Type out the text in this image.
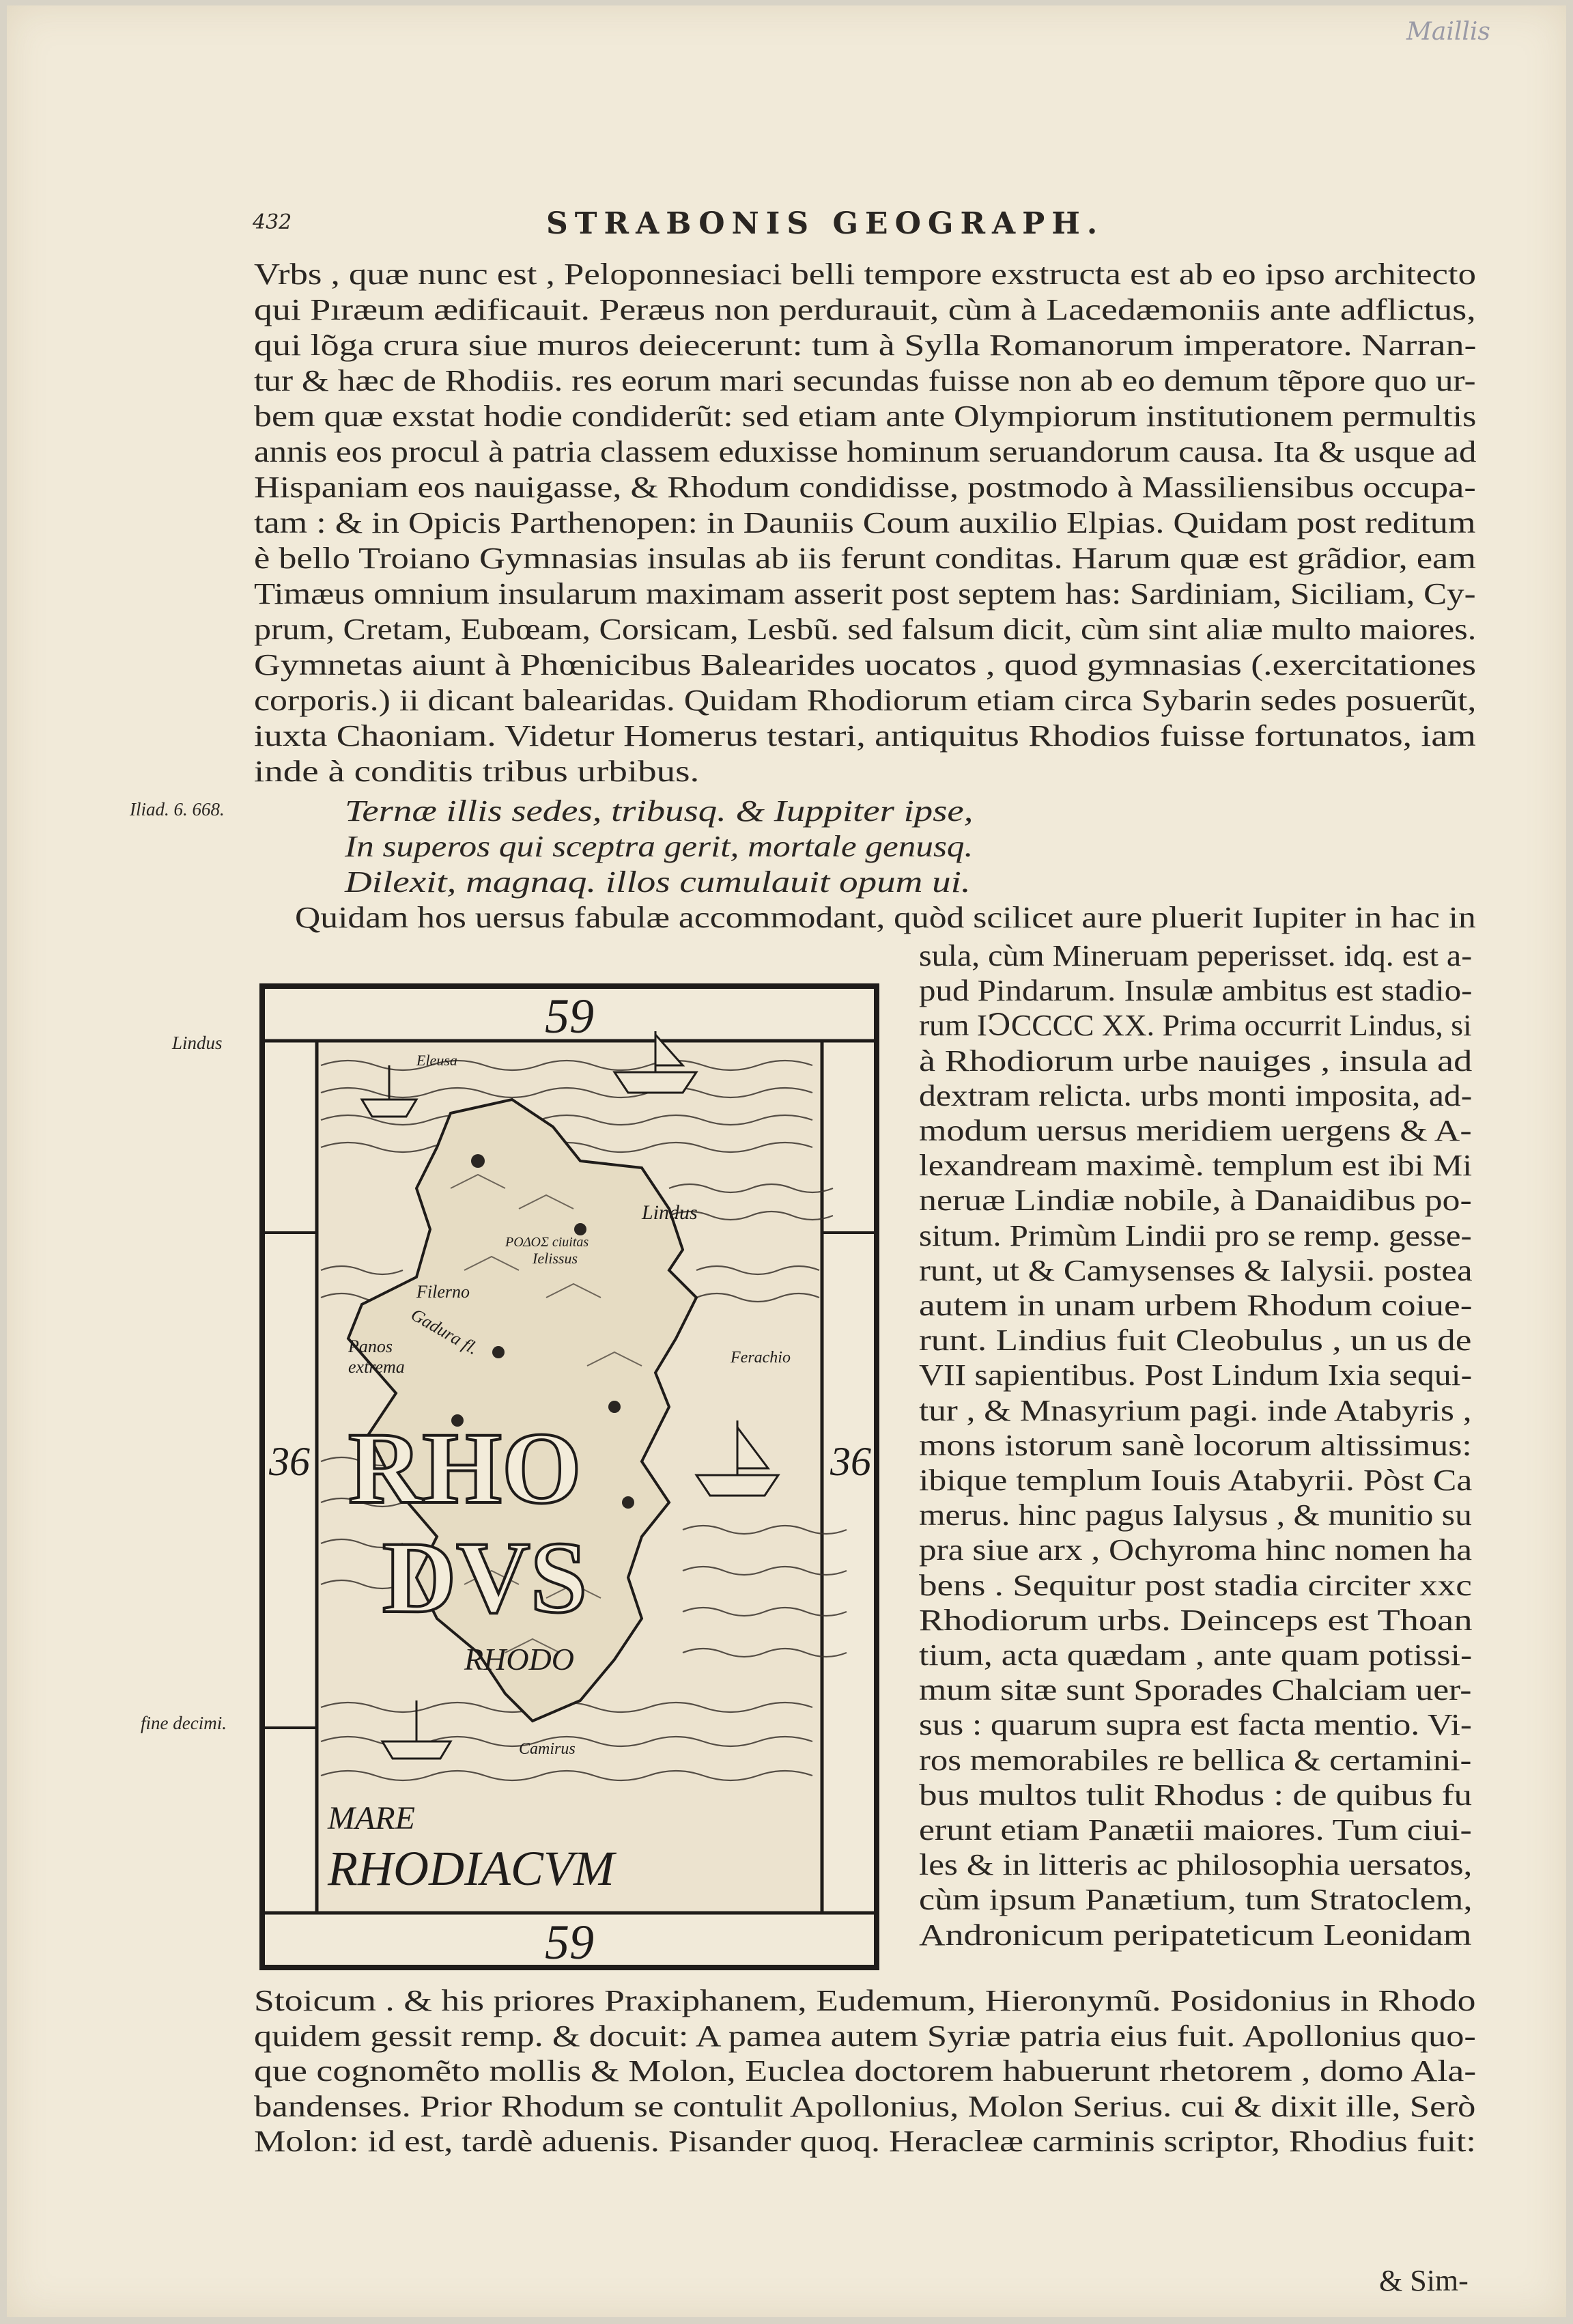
Maillis
432	STRABONIS GEOGRAPH.
Vrbs , quæ nunc est , Peloponnesiaci belli tempore exstructa est ab eo ipso architecto
qui Pıræum ædificauit. Peræus non perdurauit, cùm à Lacedæmoniis ante adflictus,
qui lõga crura siue muros deiecerunt: tum à Sylla Romanorum imperatore. Narran-
tur & hæc de Rhodiis. res eorum mari secundas fuisse non ab eo demum tẽpore quo ur-
bem quæ exstat hodie condiderũt: sed etiam ante Olympiorum institutionem permultis
annis eos procul à patria classem eduxisse hominum seruandorum causa. Ita & usque ad
Hispaniam eos nauigasse, & Rhodum condidisse, postmodo à Massiliensibus occupa-
tam : & in Opicis Parthenopen: in Dauniis Coum auxilio Elpias. Quidam post reditum
è bello Troiano Gymnasias insulas ab iis ferunt conditas. Harum quæ est grãdior, eam
Timæus omnium insularum maximam asserit post septem has: Sardiniam, Siciliam, Cy-
prum, Cretam, Eubœam, Corsicam, Lesbũ. sed falsum dicit, cùm sint aliæ multo maiores.
Gymnetas aiunt à Phœnicibus Balearides uocatos , quod gymnasias (.exercitationes
corporis.) ii dicant balearidas. Quidam Rhodiorum etiam circa Sybarin sedes posuerũt,
iuxta Chaoniam. Videtur Homerus testari, antiquitus Rhodios fuisse fortunatos, iam
inde à conditis tribus urbibus.
Ternæ illis sedes, tribusq. & Iuppiter ipse,
In superos qui sceptra gerit, mortale genusq.
Dilexit, magnaq. illos cumulauit opum ui.
Quidam hos uersus fabulæ accommodant, quòd scilicet aure pluerit Iupiter in hac in
sula, cùm Mineruam peperisset. idq. est a-
pud Pindarum. Insulæ ambitus est stadio-
rum IↃCCCC XX. Prima occurrit Lindus, si
à Rhodiorum urbe nauiges , insula ad
dextram relicta. urbs monti imposita, ad-
modum uersus meridiem uergens & A-
lexandream maximè. templum est ibi Mi
neruæ Lindiæ nobile, à Danaidibus po-
situm. Primùm Lindii pro se remp. gesse-
runt, ut & Camysenses & Ialysii. postea
autem in unam urbem Rhodum coiue-
runt. Lindius fuit Cleobulus , un us de
VII sapientibus. Post Lindum Ixia sequi-
tur , & Mnasyrium pagi. inde Atabyris ,
mons istorum sanè locorum altissimus:
ibique templum Iouis Atabyrii. Pòst Ca
merus. hinc pagus Ialysus , & munitio su
pra siue arx , Ochyroma hinc nomen ha
bens . Sequitur post stadia circiter xxc
Rhodiorum urbs. Deinceps est Thoan
tium, acta quædam , ante quam potissi-
mum sitæ sunt Sporades Chalciam uer-
sus : quarum supra est facta mentio. Vi-
ros memorabiles re bellica & certamini-
bus multos tulit Rhodus : de quibus fu
erunt etiam Panætii maiores. Tum ciui-
les & in litteris ac philosophia uersatos,
cùm ipsum Panætium, tum Stratoclem,
Andronicum peripateticum Leonidam
Stoicum . & his priores Praxiphanem, Eudemum, Hieronymũ. Posidonius in Rhodo
quidem gessit remp. & docuit: A pamea autem Syriæ patria eius fuit. Apollonius quo-
que cognomẽto mollis & Molon, Euclea doctorem habuerunt rhetorem , domo Ala-
bandenses. Prior Rhodum se contulit Apollonius, Molon Serius. cui & dixit ille, Serò
Molon: id est, tardè aduenis. Pisander quoq. Heracleæ carminis scriptor, Rhodius fuit:
& Sim-
Iliad. 6. 668.
Lindus
fine decimi.
59
59
36	36
Eleusa
Lindus
ΡΟΔΟΣ ciuitas
Ielissus
Filerno
Gadura fl.
Panos
extrema	Ferachio
RHO
DVS
RHODO
Camirus
MARE
RHODIACVM
